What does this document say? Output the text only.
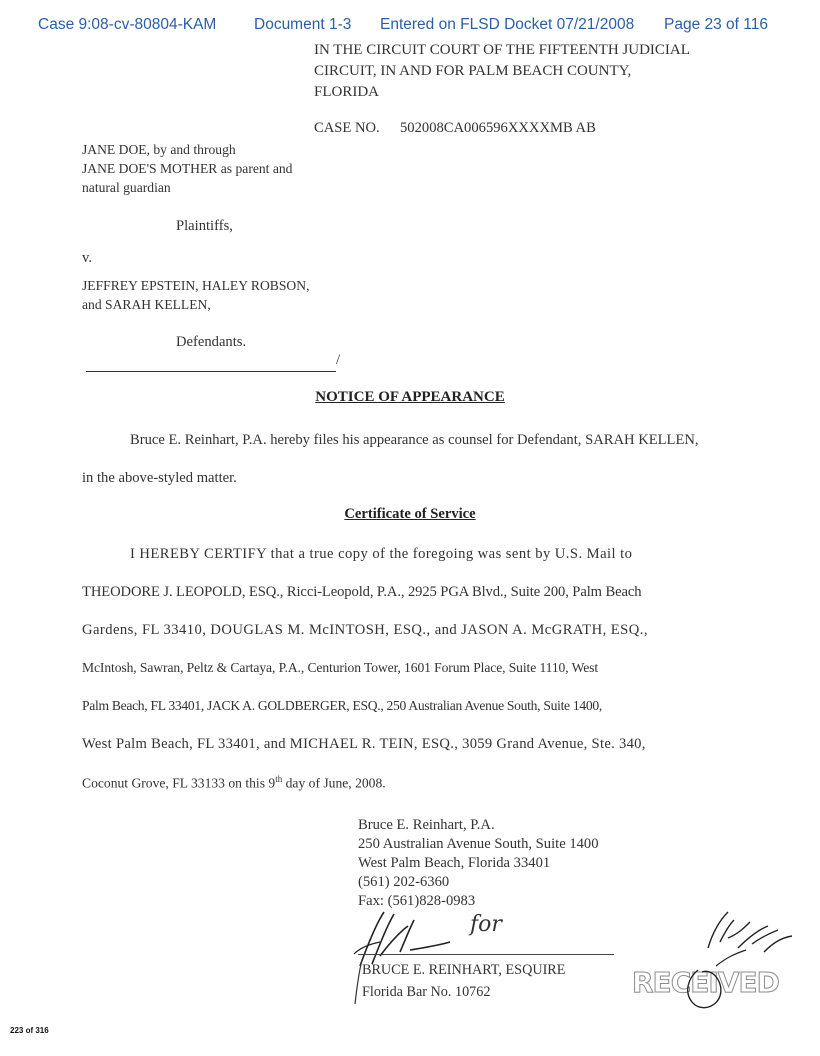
Case 9:08-cv-80804-KAM Document 1-3 Entered on FLSD Docket 07/21/2008 Page 23 of 116
IN THE CIRCUIT COURT OF THE FIFTEENTH JUDICIAL CIRCUIT, IN AND FOR PALM BEACH COUNTY, FLORIDA
CASE NO. 502008CA006596XXXXMB AB
JANE DOE, by and through
JANE DOE'S MOTHER as parent and
natural guardian
Plaintiffs,
v.
JEFFREY EPSTEIN, HALEY ROBSON,
and SARAH KELLEN,
Defendants.
/
NOTICE OF APPEARANCE
Bruce E. Reinhart, P.A. hereby files his appearance as counsel for Defendant, SARAH KELLEN,
in the above-styled matter.
Certificate of Service
I HEREBY CERTIFY that a true copy of the foregoing was sent by U.S. Mail to
THEODORE J. LEOPOLD, ESQ., Ricci-Leopold, P.A., 2925 PGA Blvd., Suite 200, Palm Beach
Gardens, FL 33410, DOUGLAS M. McINTOSH, ESQ., and JASON A. McGRATH, ESQ.,
McIntosh, Sawran, Peltz & Cartaya, P.A., Centurion Tower, 1601 Forum Place, Suite 1110, West
Palm Beach, FL 33401, JACK A. GOLDBERGER, ESQ., 250 Australian Avenue South, Suite 1400,
West Palm Beach, FL 33401, and MICHAEL R. TEIN, ESQ., 3059 Grand Avenue, Ste. 340,
Coconut Grove, FL 33133 on this 9th day of June, 2008.
Bruce E. Reinhart, P.A.
250 Australian Avenue South, Suite 1400
West Palm Beach, Florida 33401
(561) 202-6360
Fax: (561)828-0983
for
BRUCE E. REINHART, ESQUIRE
Florida Bar No. 10762	RECEIVED
223 of 316
